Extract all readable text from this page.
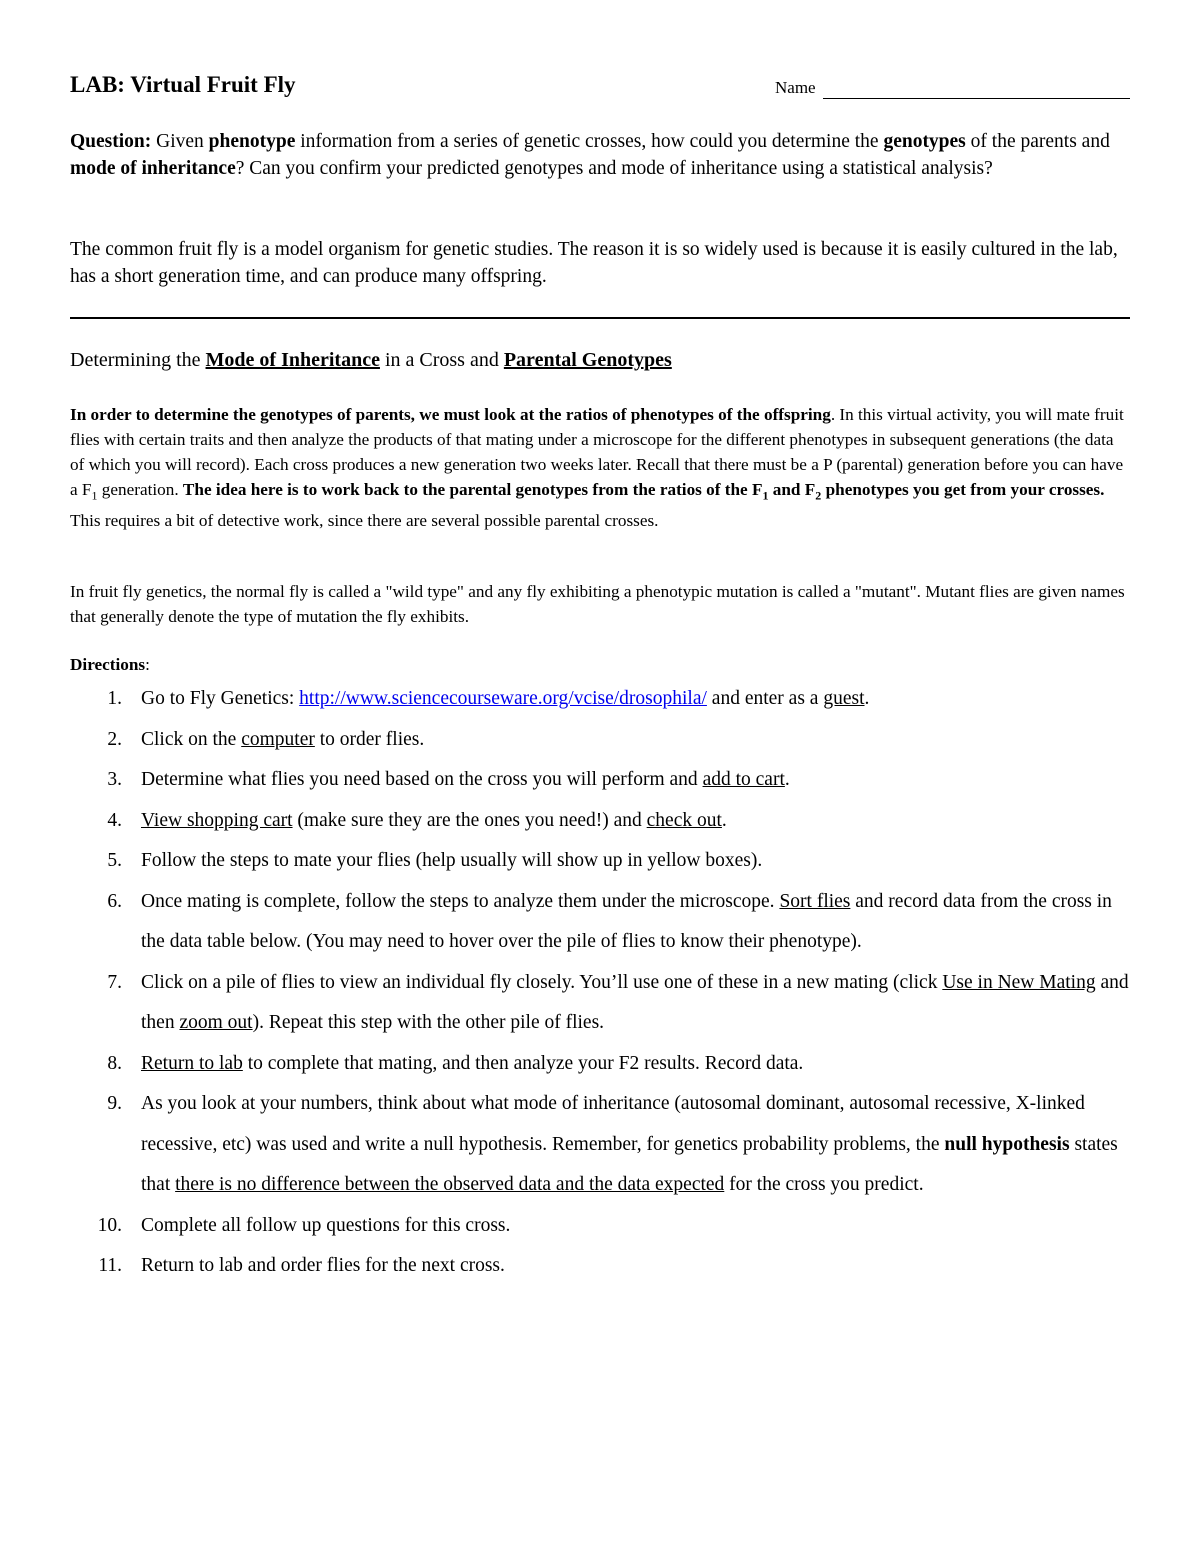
LAB: Virtual Fruit Fly	Name
Question: Given phenotype information from a series of genetic crosses, how could you determine the genotypes of the parents and mode of inheritance? Can you confirm your predicted genotypes and mode of inheritance using a statistical analysis?
The common fruit fly is a model organism for genetic studies. The reason it is so widely used is because it is easily cultured in the lab, has a short generation time, and can produce many offspring.
Determining the Mode of Inheritance in a Cross and Parental Genotypes
In order to determine the genotypes of parents, we must look at the ratios of phenotypes of the offspring. In this virtual activity, you will mate fruit flies with certain traits and then analyze the products of that mating under a microscope for the different phenotypes in subsequent generations (the data of which you will record). Each cross produces a new generation two weeks later. Recall that there must be a P (parental) generation before you can have a $F_1$ generation. The idea here is to work back to the parental genotypes from the ratios of the $F_1$ and $F_2$ phenotypes you get from your crosses. This requires a bit of detective work, since there are several possible parental crosses.
In fruit fly genetics, the normal fly is called a "wild type" and any fly exhibiting a phenotypic mutation is called a "mutant". Mutant flies are given names that generally denote the type of mutation the fly exhibits.
Directions:
1. Go to Fly Genetics: http://www.sciencecourseware.org/vcise/drosophila/ and enter as a guest.
2. Click on the computer to order flies.
3. Determine what flies you need based on the cross you will perform and add to cart.
4. View shopping cart (make sure they are the ones you need!) and check out.
5. Follow the steps to mate your flies (help usually will show up in yellow boxes).
6. Once mating is complete, follow the steps to analyze them under the microscope. Sort flies and record data from the cross in the data table below. (You may need to hover over the pile of flies to know their phenotype).
7. Click on a pile of flies to view an individual fly closely. You’ll use one of these in a new mating (click Use in New Mating and then zoom out). Repeat this step with the other pile of flies.
8. Return to lab to complete that mating, and then analyze your F2 results. Record data.
9. As you look at your numbers, think about what mode of inheritance (autosomal dominant, autosomal recessive, X-linked recessive, etc) was used and write a null hypothesis. Remember, for genetics probability problems, the null hypothesis states that there is no difference between the observed data and the data expected for the cross you predict.
10. Complete all follow up questions for this cross.
11. Return to lab and order flies for the next cross.
